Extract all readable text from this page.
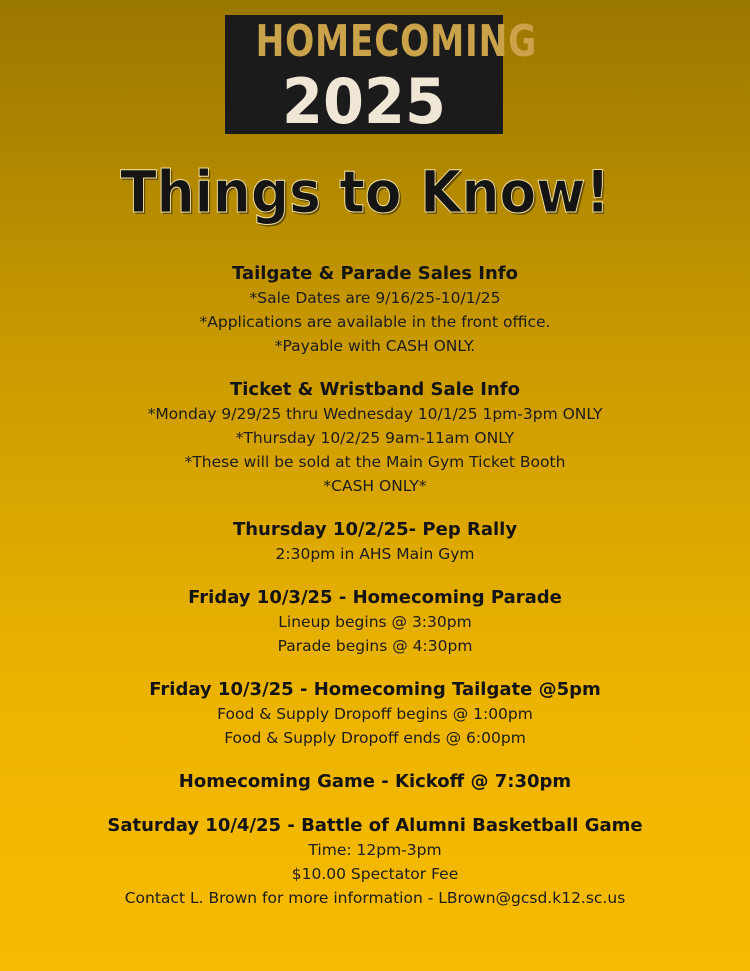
HOMECOMING
2025
Things to Know!
Tailgate & Parade Sales Info
*Sale Dates are 9/16/25-10/1/25
*Applications are available in the front office.
*Payable with CASH ONLY.
Ticket & Wristband Sale Info
*Monday 9/29/25 thru Wednesday 10/1/25 1pm-3pm ONLY
*Thursday 10/2/25 9am-11am ONLY
*These will be sold at the Main Gym Ticket Booth
*CASH ONLY*
Thursday 10/2/25- Pep Rally
2:30pm in AHS Main Gym
Friday 10/3/25 - Homecoming Parade
Lineup begins @ 3:30pm
Parade begins @ 4:30pm
Friday 10/3/25 - Homecoming Tailgate @5pm
Food & Supply Dropoff begins @ 1:00pm
Food & Supply Dropoff ends @ 6:00pm
Homecoming Game - Kickoff @ 7:30pm
Saturday 10/4/25 - Battle of Alumni Basketball Game
Time: 12pm-3pm
$10.00 Spectator Fee
Contact L. Brown for more information - LBrown@gcsd.k12.sc.us
